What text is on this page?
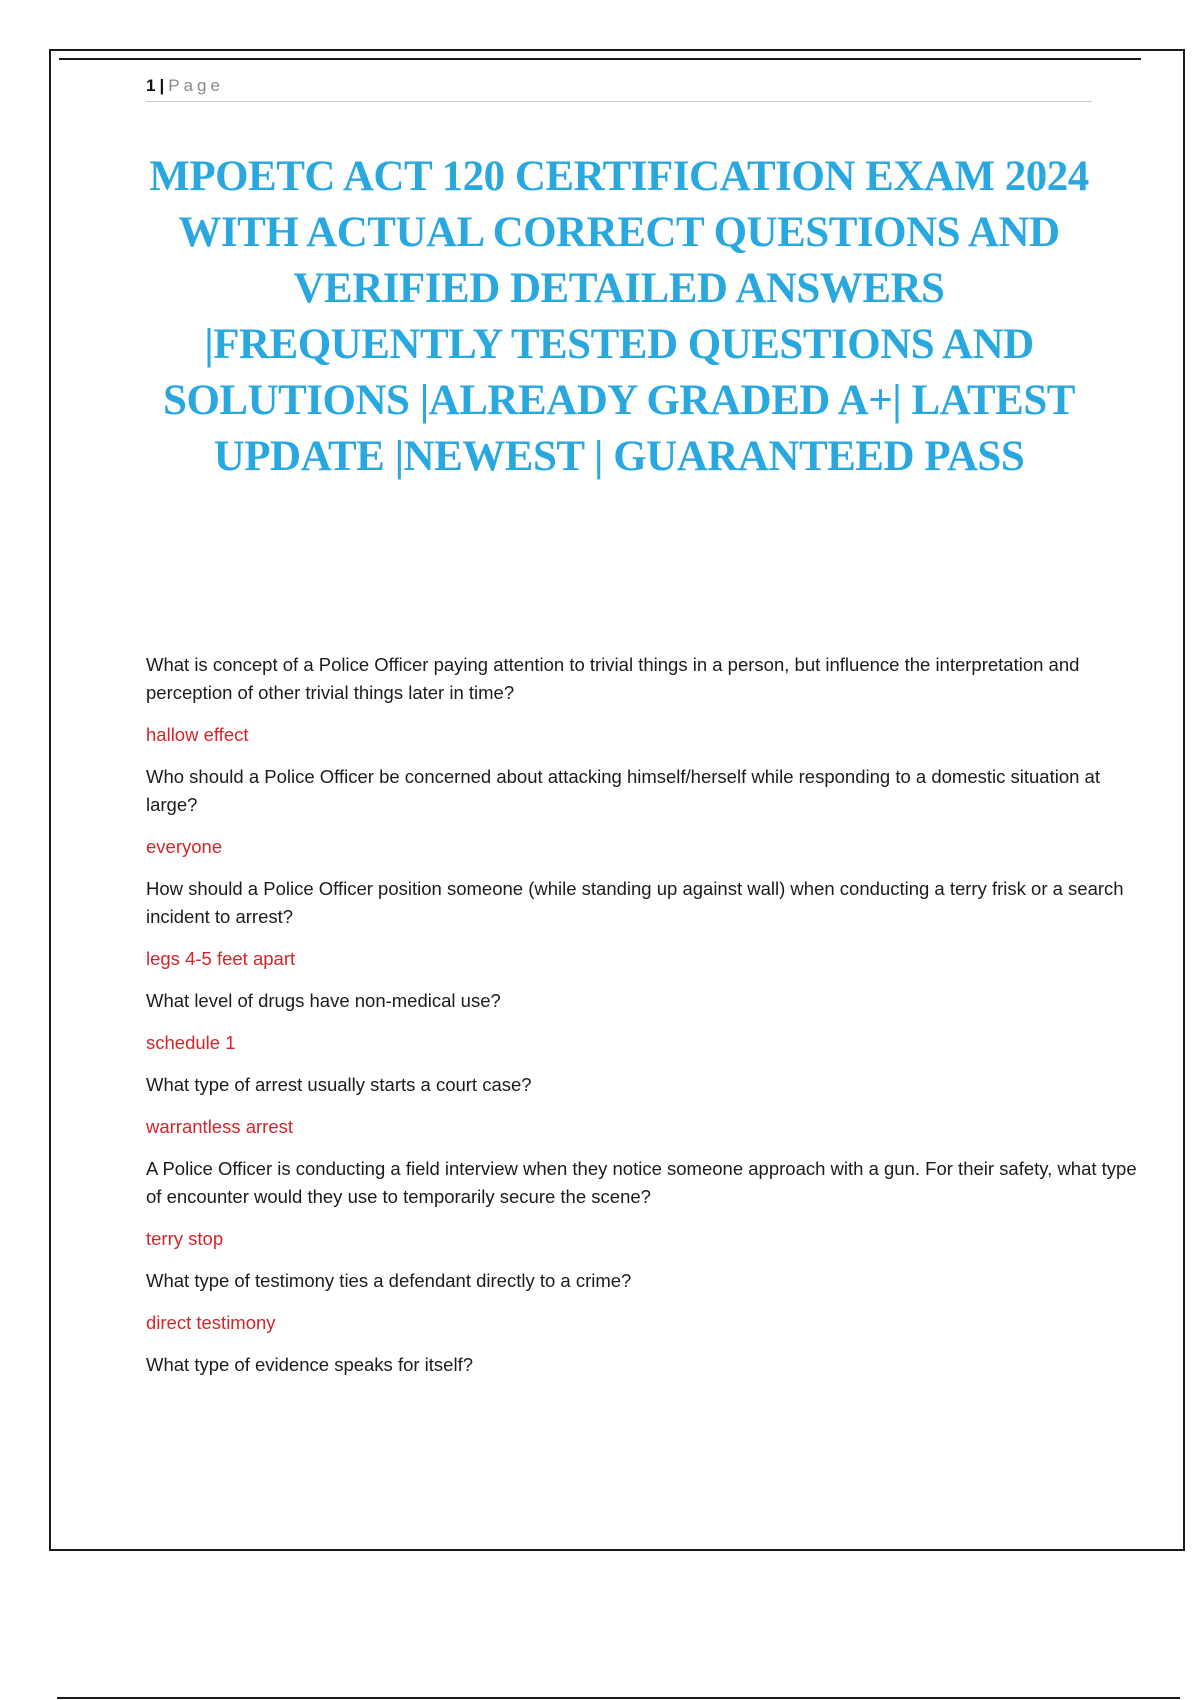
1 | Page
MPOETC ACT 120 CERTIFICATION EXAM 2024 WITH ACTUAL CORRECT QUESTIONS AND VERIFIED DETAILED ANSWERS |FREQUENTLY TESTED QUESTIONS AND SOLUTIONS |ALREADY GRADED A+| LATEST UPDATE |NEWEST | GUARANTEED PASS

What is concept of a Police Officer paying attention to trivial things in a person, but influence the interpretation and perception of other trivial things later in time?

hallow effect

Who should a Police Officer be concerned about attacking himself/herself while responding to a domestic situation at large?

everyone

How should a Police Officer position someone (while standing up against wall) when conducting a terry frisk or a search incident to arrest?

legs 4-5 feet apart

What level of drugs have non-medical use?

schedule 1

What type of arrest usually starts a court case?

warrantless arrest

A Police Officer is conducting a field interview when they notice someone approach with a gun. For their safety, what type of encounter would they use to temporarily secure the scene?

terry stop

What type of testimony ties a defendant directly to a crime?

direct testimony

What type of evidence speaks for itself?
